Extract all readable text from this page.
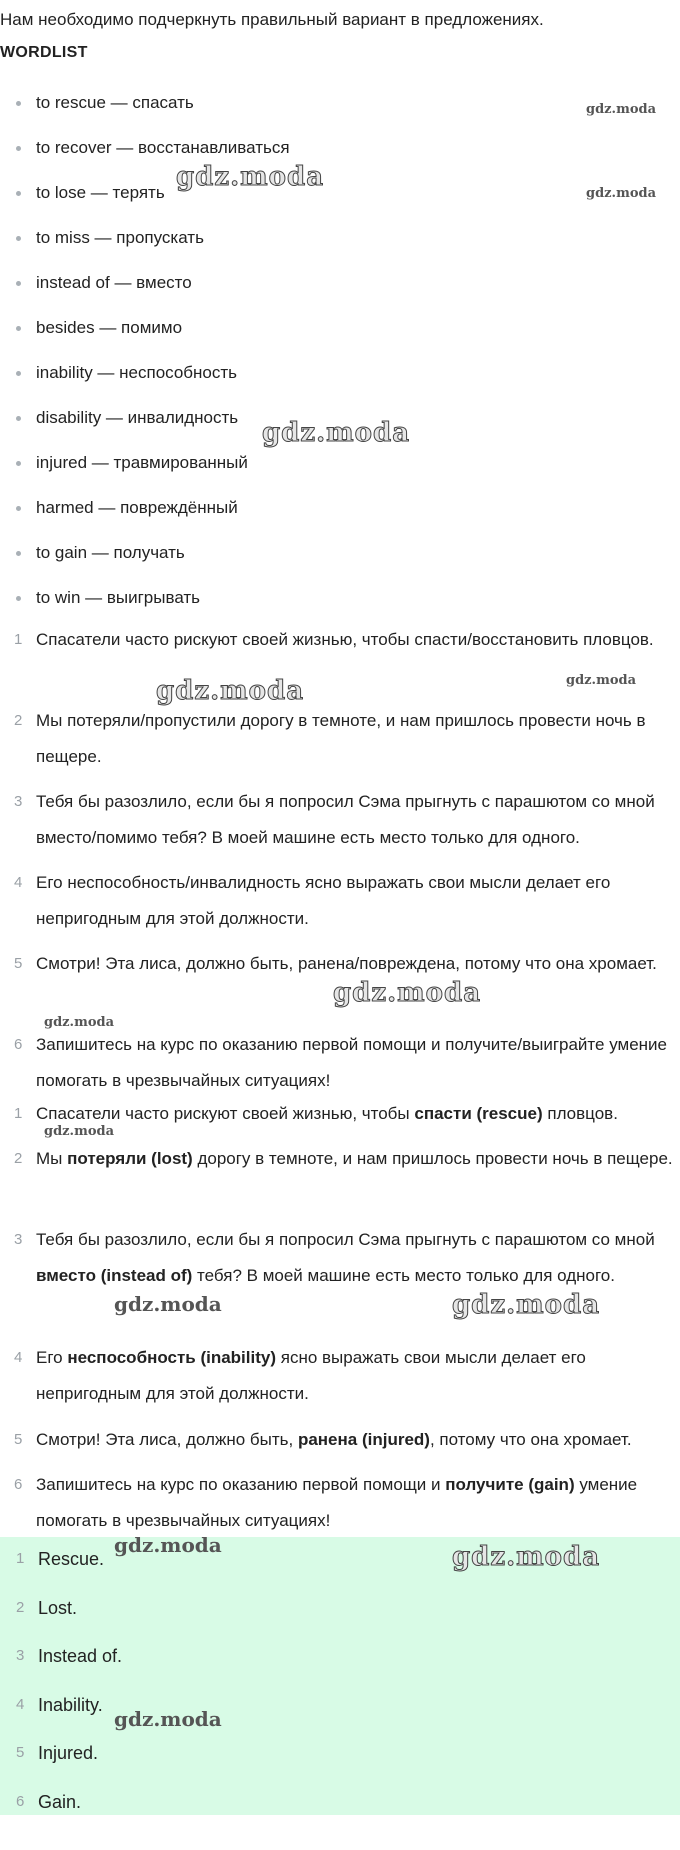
Нам необходимо подчеркнуть правильный вариант в предложениях.
WORDLIST
to rescue — спасать
to recover — восстанавливаться
to lose — терять
to miss — пропускать
instead of — вместо
besides — помимо
inability — неспособность
disability — инвалидность
injured — травмированный
harmed — повреждённый
to gain — получать
to win — выигрывать
1 Спасатели часто рискуют своей жизнью, чтобы спасти/восстановить пловцов.
2 Мы потеряли/пропустили дорогу в темноте, и нам пришлось провести ночь в пещере.
3 Тебя бы разозлило, если бы я попросил Сэма прыгнуть с парашютом со мной вместо/помимо тебя? В моей машине есть место только для одного.
4 Его неспособность/инвалидность ясно выражать свои мысли делает его непригодным для этой должности.
5 Смотри! Эта лиса, должно быть, ранена/повреждена, потому что она хромает.
6 Запишитесь на курс по оказанию первой помощи и получите/выиграйте умение помогать в чрезвычайных ситуациях!
1 Спасатели часто рискуют своей жизнью, чтобы спасти (rescue) пловцов.
2 Мы потеряли (lost) дорогу в темноте, и нам пришлось провести ночь в пещере.
3 Тебя бы разозлило, если бы я попросил Сэма прыгнуть с парашютом со мной вместо (instead of) тебя? В моей машине есть место только для одного.
4 Его неспособность (inability) ясно выражать свои мысли делает его непригодным для этой должности.
5 Смотри! Эта лиса, должно быть, ранена (injured), потому что она хромает.
6 Запишитесь на курс по оказанию первой помощи и получите (gain) умение помогать в чрезвычайных ситуациях!
1 Rescue.
2 Lost.
3 Instead of.
4 Inability.
5 Injured.
6 Gain.
gdz.moda
gdz.moda
gdz.moda
gdz.moda
gdz.moda	gdz.moda
gdz.moda
gdz.moda
gdz.moda
gdz.moda	gdz.moda
gdz.moda	gdz.moda
gdz.moda
